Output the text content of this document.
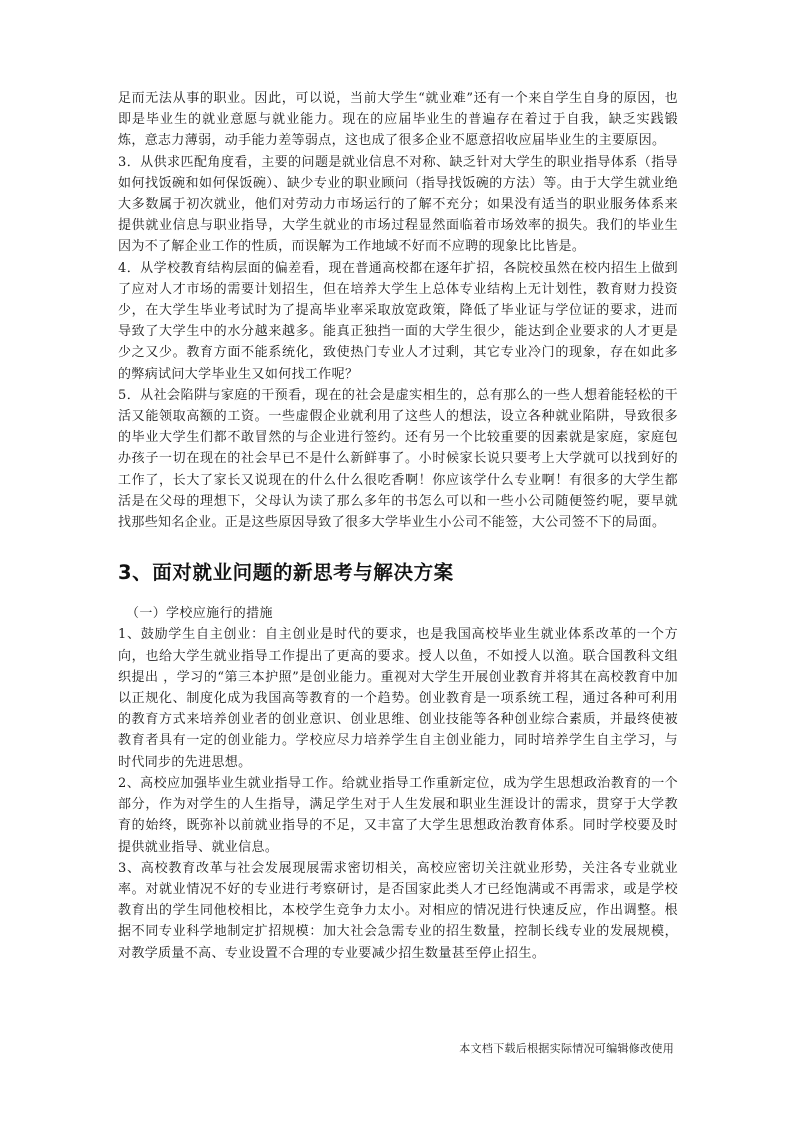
足而无法从事的职业。因此，可以说，当前大学生“就业难”还有一个来自学生自身的原因，也即是毕业生的就业意愿与就业能力。现在的应届毕业生的普遍存在着过于自我，缺乏实践锻炼，意志力薄弱，动手能力差等弱点，这也成了很多企业不愿意招收应届毕业生的主要原因。

3．从供求匹配角度看，主要的问题是就业信息不对称、缺乏针对大学生的职业指导体系（指导如何找饭碗和如何保饭碗）、缺少专业的职业顾问（指导找饭碗的方法）等。由于大学生就业绝大多数属于初次就业，他们对劳动力市场运行的了解不充分；如果没有适当的职业服务体系来提供就业信息与职业指导，大学生就业的市场过程显然面临着市场效率的损失。我们的毕业生因为不了解企业工作的性质，而误解为工作地域不好而不应聘的现象比比皆是。

4．从学校教育结构层面的偏差看，现在普通高校都在逐年扩招，各院校虽然在校内招生上做到了应对人才市场的需要计划招生，但在培养大学生上总体专业结构上无计划性，教育财力投资少，在大学生毕业考试时为了提高毕业率采取放宽政策，降低了毕业证与学位证的要求，进而导致了大学生中的水分越来越多。能真正独挡一面的大学生很少，能达到企业要求的人才更是少之又少。教育方面不能系统化，致使热门专业人才过剩，其它专业冷门的现象，存在如此多的弊病试问大学毕业生又如何找工作呢？

5．从社会陷阱与家庭的干预看，现在的社会是虚实相生的，总有那么的一些人想着能轻松的干活又能领取高额的工资。一些虚假企业就利用了这些人的想法，设立各种就业陷阱，导致很多的毕业大学生们都不敢冒然的与企业进行签约。还有另一个比较重要的因素就是家庭，家庭包办孩子一切在现在的社会早已不是什么新鲜事了。小时候家长说只要考上大学就可以找到好的工作了，长大了家长又说现在的什么什么很吃香啊！你应该学什么专业啊！有很多的大学生都活是在父母的理想下，父母认为读了那么多年的书怎么可以和一些小公司随便签约呢，要早就找那些知名企业。正是这些原因导致了很多大学毕业生小公司不能签，大公司签不下的局面。

3、面对就业问题的新思考与解决方案

（一）学校应施行的措施

1、鼓励学生自主创业：自主创业是时代的要求，也是我国高校毕业生就业体系改革的一个方向，也给大学生就业指导工作提出了更高的要求。授人以鱼，不如授人以渔。联合国教科文组织提出 ，学习的“第三本护照”是创业能力。重视对大学生开展创业教育并将其在高校教育中加以正规化、制度化成为我国高等教育的一个趋势。创业教育是一项系统工程，通过各种可利用的教育方式来培养创业者的创业意识、创业思维、创业技能等各种创业综合素质，并最终使被教育者具有一定的创业能力。学校应尽力培养学生自主创业能力，同时培养学生自主学习，与时代同步的先进思想。

2、高校应加强毕业生就业指导工作。给就业指导工作重新定位，成为学生思想政治教育的一个部分，作为对学生的人生指导，满足学生对于人生发展和职业生涯设计的需求，贯穿于大学教育的始终，既弥补以前就业指导的不足，又丰富了大学生思想政治教育体系。同时学校要及时提供就业指导、就业信息。

3、高校教育改革与社会发展现展需求密切相关，高校应密切关注就业形势，关注各专业就业率。对就业情况不好的专业进行考察研讨，是否国家此类人才已经饱满或不再需求，或是学校教育出的学生同他校相比，本校学生竞争力太小。对相应的情况进行快速反应，作出调整。根据不同专业科学地制定扩招规模：加大社会急需专业的招生数量，控制长线专业的发展规模，对教学质量不高、专业设置不合理的专业要减少招生数量甚至停止招生。

本文档下载后根据实际情况可编辑修改使用
